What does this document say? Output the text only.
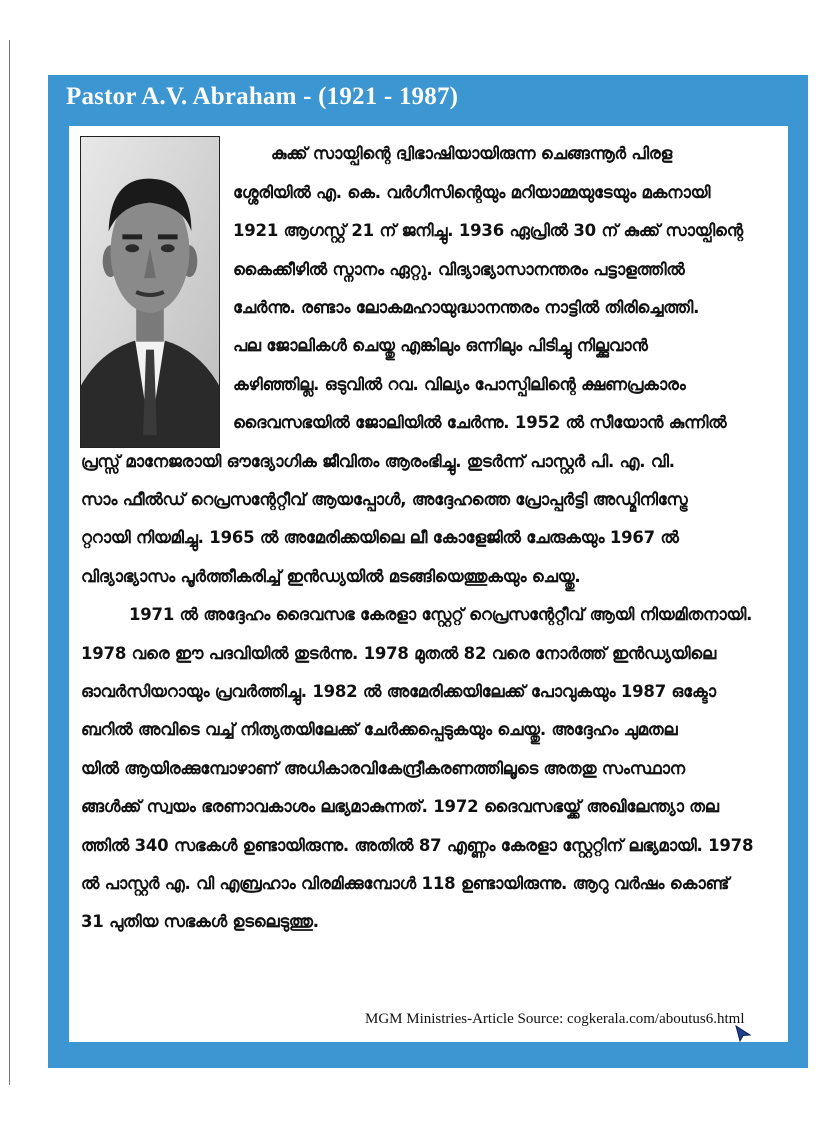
Pastor A.V. Abraham - (1921 - 1987)
കുക്ക് സായ്പിന്റെ ദ്വിഭാഷിയായിരുന്ന ചെങ്ങന്നൂർ പിരള
ശ്ശേരിയിൽ എ. കെ. വർഗീസിന്റെയും മറിയാമ്മയുടേയും മകനായി
1921 ആഗസ്റ്റ് 21 ന് ജനിച്ചു. 1936 ഏപ്രിൽ 30 ന് കുക്ക് സായ്പിന്റെ
കൈക്കീഴിൽ സ്നാനം ഏറ്റു. വിദ്യാഭ്യാസാനന്തരം പട്ടാളത്തിൽ
ചേർന്നു. രണ്ടാം ലോകമഹായുദ്ധാനന്തരം നാട്ടിൽ തിരിച്ചെത്തി.
പല ജോലികൾ ചെയ്തു എങ്കിലും ഒന്നിലും പിടിച്ചു നില്ക്കുവാൻ
കഴിഞ്ഞില്ല. ഒടുവിൽ റവ. വില്യം പോസ്പിലിന്റെ ക്ഷണപ്രകാരം
ദൈവസഭയിൽ ജോലിയിൽ ചേർന്നു. 1952 ൽ സീയോൻ കുന്നിൽ
പ്രസ്സ് മാനേജരായി ഔദ്യോഗിക ജീവിതം ആരംഭിച്ചു. തുടർന്ന് പാസ്റ്റർ പി. എ. വി.
സാം ഫീൽഡ് റെപ്രസന്റേറ്റീവ് ആയപ്പോൾ, അദ്ദേഹത്തെ പ്രോപ്പർട്ടി അഡ്മിനിസ്ട്രേ
റ്ററായി നിയമിച്ചു. 1965 ൽ അമേരിക്കയിലെ ലീ കോളേജിൽ ചേരുകയും 1967 ൽ
വിദ്യാഭ്യാസം പൂർത്തീകരിച്ച് ഇൻഡ്യയിൽ മടങ്ങിയെത്തുകയും ചെയ്തു.
1971 ൽ അദ്ദേഹം ദൈവസഭ കേരളാ സ്റ്റേറ്റ് റെപ്രസന്റേറ്റീവ് ആയി നിയമിതനായി.
1978 വരെ ഈ പദവിയിൽ തുടർന്നു. 1978 മുതൽ 82 വരെ നോർത്ത് ഇൻഡ്യയിലെ
ഓവർസിയറായും പ്രവർത്തിച്ചു. 1982 ൽ അമേരിക്കയിലേക്ക് പോവുകയും 1987 ഒക്ടോ
ബറിൽ അവിടെ വച്ച് നിത്യതയിലേക്ക് ചേർക്കപ്പെടുകയും ചെയ്തു. അദ്ദേഹം ചുമതല
യിൽ ആയിരക്കുമ്പോഴാണ് അധികാരവികേന്ദ്രീകരണത്തിലൂടെ അതതു സംസ്ഥാന
ങ്ങൾക്ക് സ്വയം ഭരണാവകാശം ലഭ്യമാകുന്നത്. 1972 ദൈവസഭയ്ക്ക് അഖിലേന്ത്യാ തല
ത്തിൽ 340 സഭകൾ ഉണ്ടായിരുന്നു. അതിൽ 87 എണ്ണം കേരളാ സ്റ്റേറ്റിന് ലഭ്യമായി. 1978
ൽ പാസ്റ്റർ എ. വി എബ്രഹാം വിരമിക്കുമ്പോൾ 118 ഉണ്ടായിരുന്നു. ആറു വർഷം കൊണ്ട്
31 പുതിയ സഭകൾ ഉടലെടുത്തു.
MGM Ministries-Article Source: cogkerala.com/aboutus6.html
